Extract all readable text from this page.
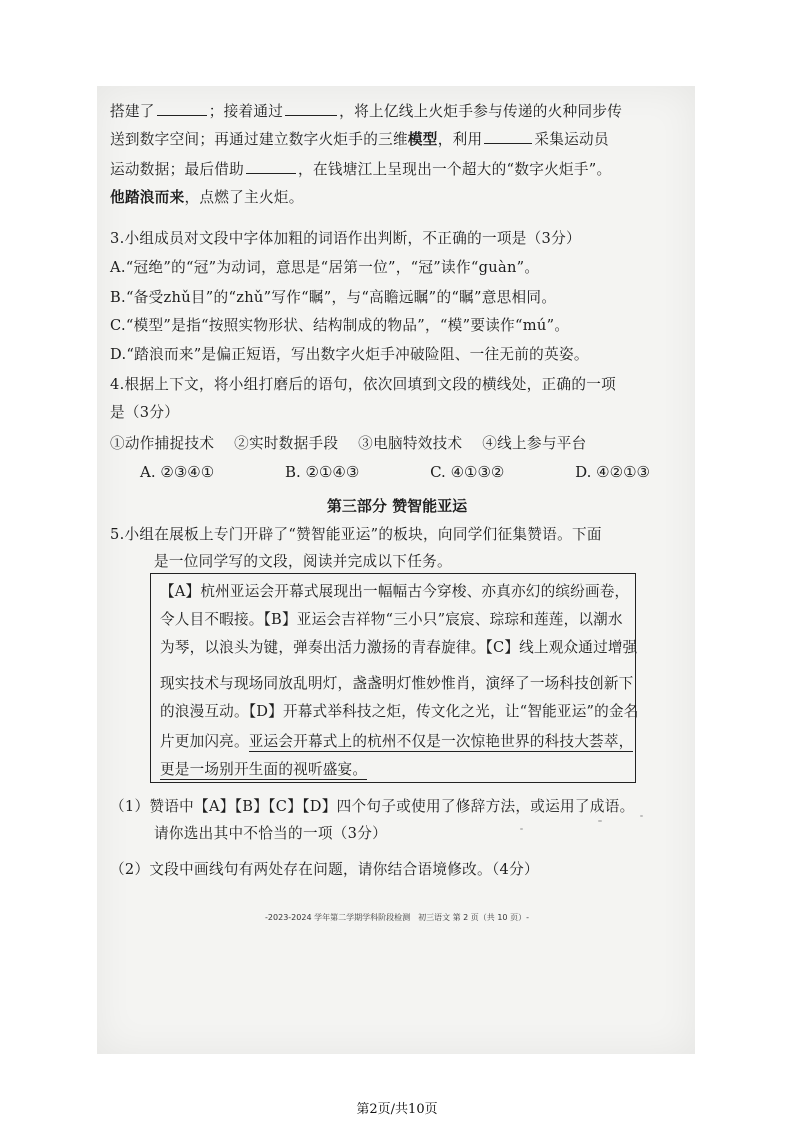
搭建了	；接着通过	，将上亿线上火炬手参与传递的火种同步传
送到数字空间；再通过建立数字火炬手的三维模型，利用	采集运动员
运动数据；最后借助	，在钱塘江上呈现出一个超大的“数字火炬手”。
他踏浪而来，点燃了主火炬。
3.小组成员对文段中字体加粗的词语作出判断，不正确的一项是（3分）
A.“冠绝”的“冠”为动词，意思是“居第一位”，“冠”读作“guàn”。
B.“备受zhǔ目”的“zhǔ”写作“瞩”，与“高瞻远瞩”的“瞩”意思相同。
C.“模型”是指“按照实物形状、结构制成的物品”，“模”要读作“mú”。
D.“踏浪而来”是偏正短语，写出数字火炬手冲破险阻、一往无前的英姿。
4.根据上下文，将小组打磨后的语句，依次回填到文段的横线处，正确的一项
是（3分）
①动作捕捉技术　 ②实时数据手段　 ③电脑特效技术　 ④线上参与平台
A. ②③④①	B. ②①④③	C. ④①③②	D. ④②①③
第三部分 赞智能亚运
5.小组在展板上专门开辟了“赞智能亚运”的板块，向同学们征集赞语。下面
是一位同学写的文段，阅读并完成以下任务。
【A】杭州亚运会开幕式展现出一幅幅古今穿梭、亦真亦幻的缤纷画卷，
令人目不暇接。【B】亚运会吉祥物“三小只”宸宸、琮琮和莲莲，以潮水
为琴，以浪头为键，弹奏出活力激扬的青春旋律。【C】线上观众通过增强
现实技术与现场同放乱明灯，盏盏明灯惟妙惟肖，演绎了一场科技创新下
的浪漫互动。【D】开幕式举科技之炬，传文化之光，让“智能亚运”的金名
片更加闪亮。亚运会开幕式上的杭州不仅是一次惊艳世界的科技大荟萃，
更是一场别开生面的视听盛宴。
（1）赞语中【A】【B】【C】【D】四个句子或使用了修辞方法，或运用了成语。
请你选出其中不恰当的一项（3分）
（2）文段中画线句有两处存在问题，请你结合语境修改。（4分）
-2023-2024 学年第二学期学科阶段检测　初三语文 第 2 页（共 10 页）-
第2页/共10页
